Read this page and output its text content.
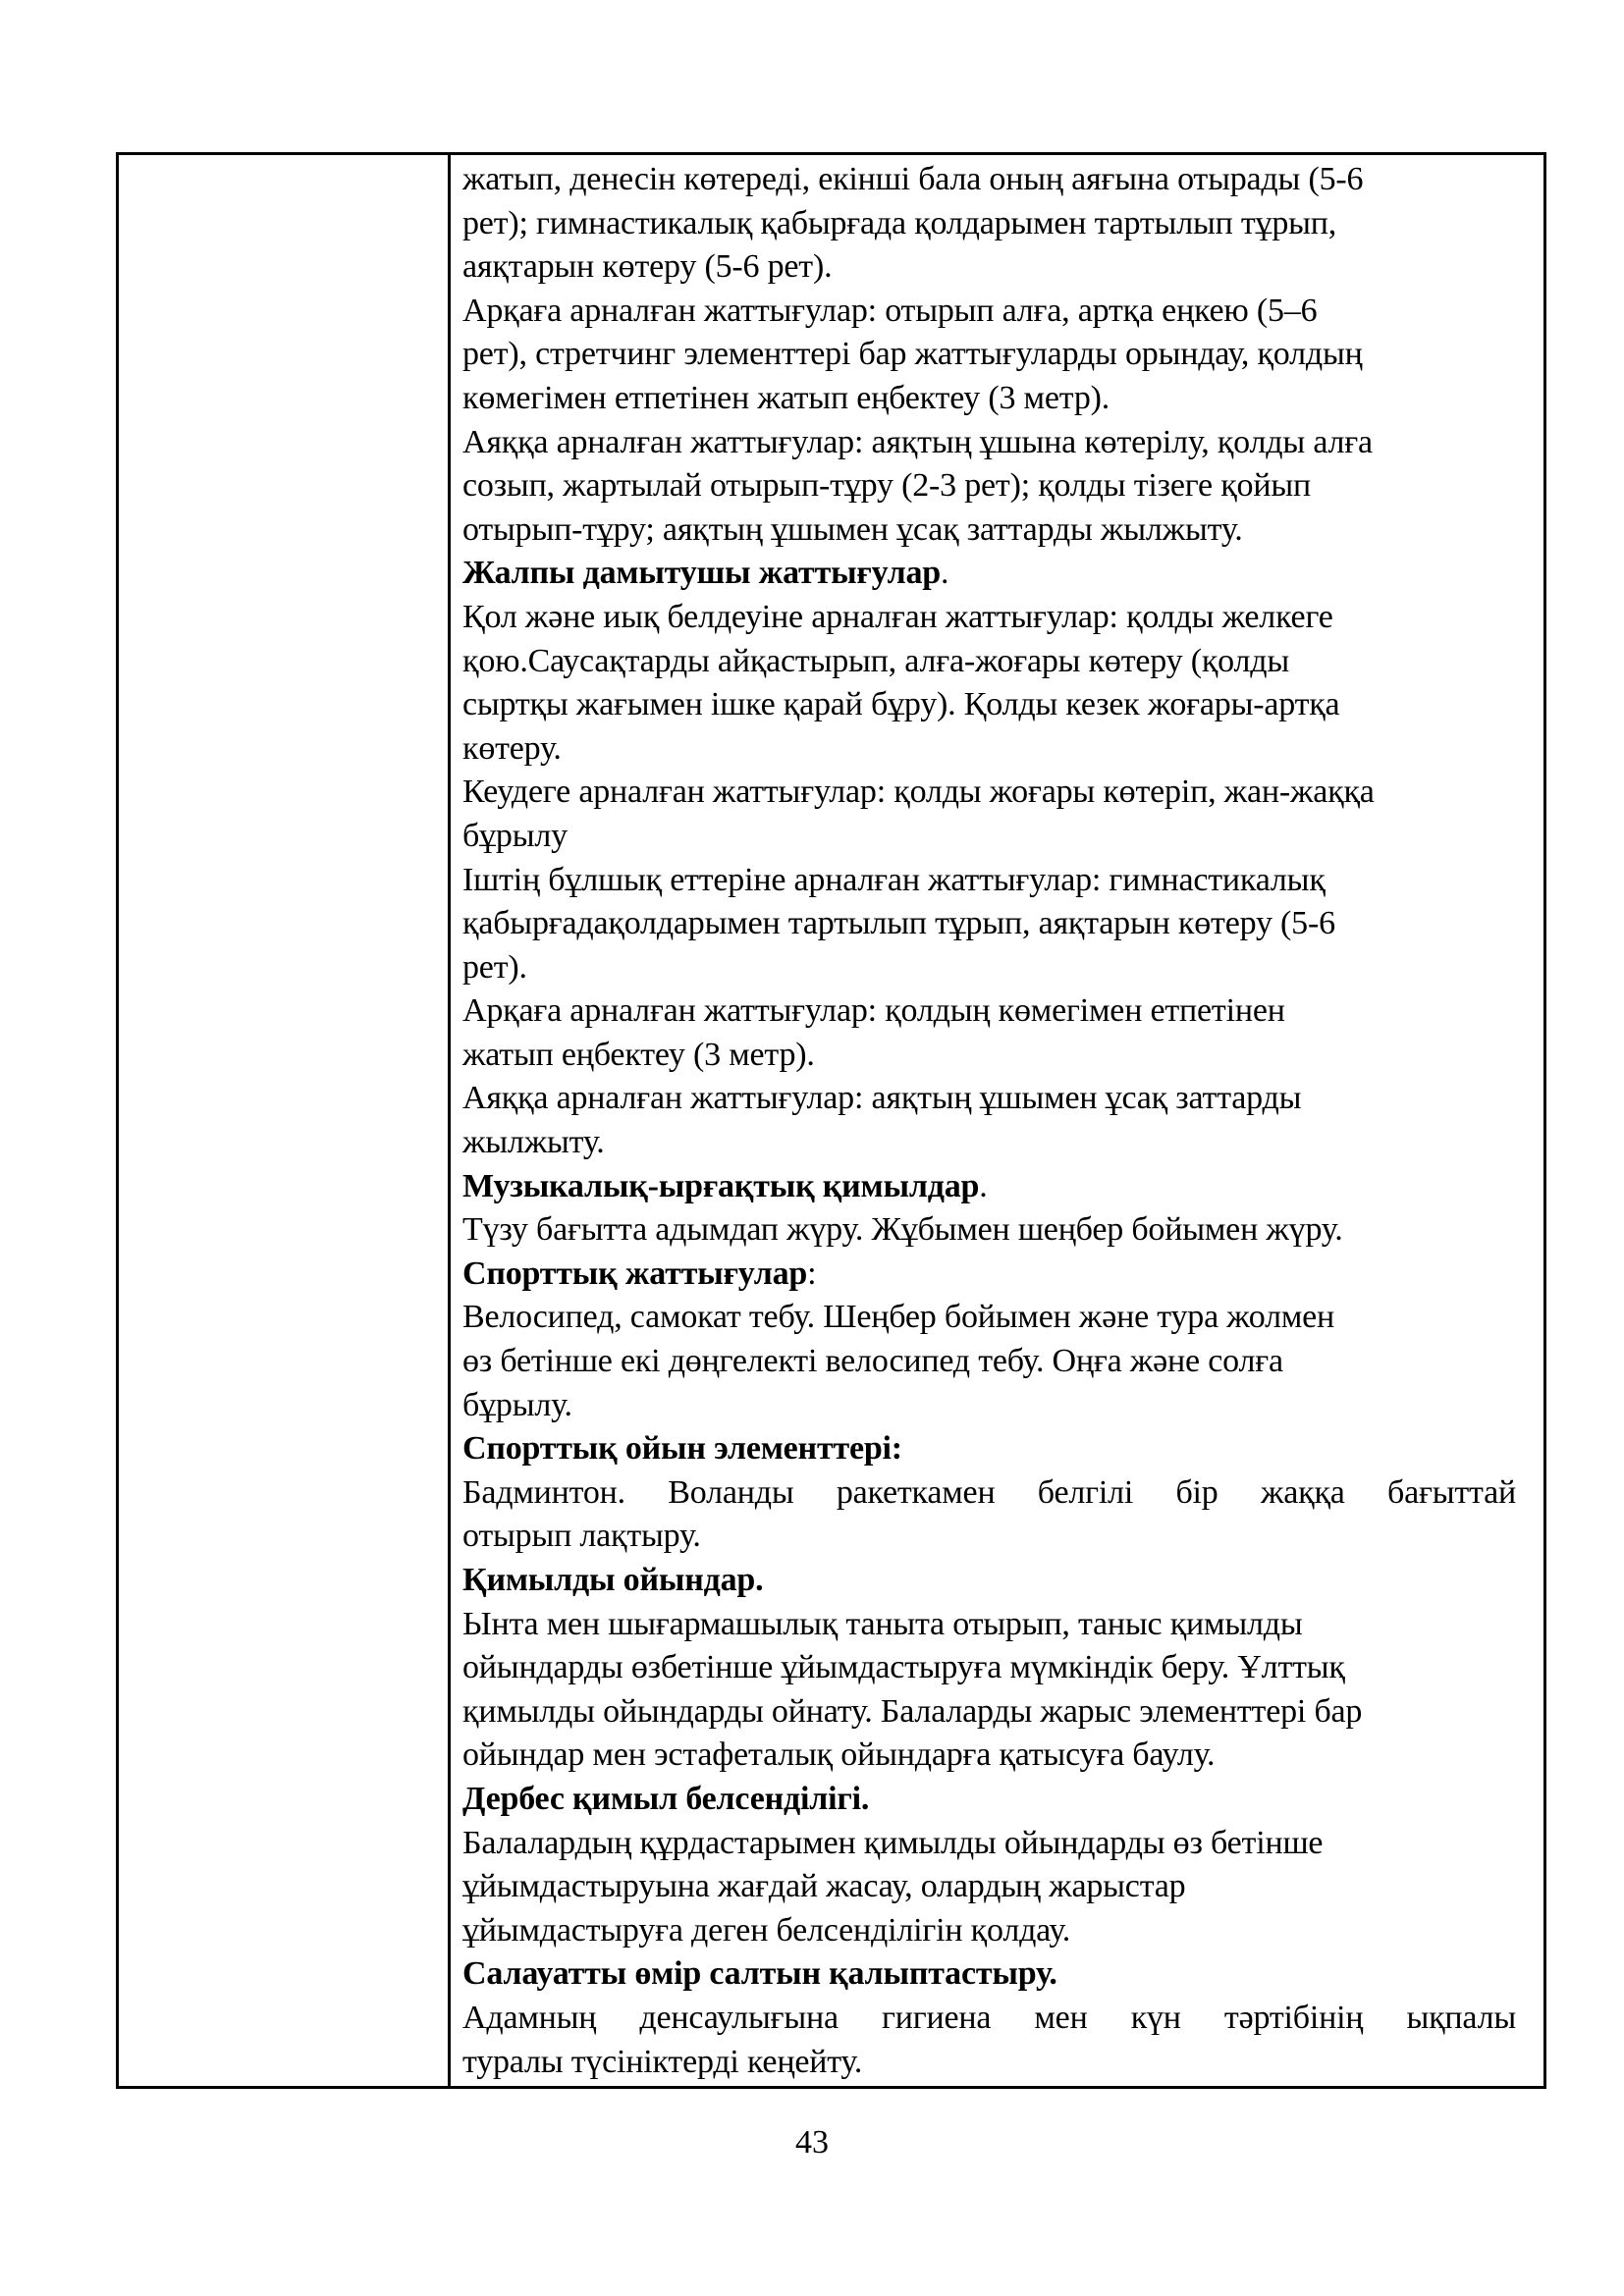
жатып, денесін көтереді, екінші бала оның аяғына отырады (5-6
рет); гимнастикалық қабырғада қолдарымен тартылып тұрып,
аяқтарын көтеру (5-6 рет).
Арқаға арналған жаттығулар: отырып алға, артқа еңкею (5–6
рет), стретчинг элементтері бар жаттығуларды орындау, қолдың
көмегімен етпетінен жатып еңбектеу (3 метр).
Аяққа арналған жаттығулар: аяқтың ұшына көтерілу, қолды алға
созып, жартылай отырып-тұру (2-3 рет); қолды тізеге қойып
отырып-тұру; аяқтың ұшымен ұсақ заттарды жылжыту.
Жалпы дамытушы жаттығулар.
Қол және иық белдеуіне арналған жаттығулар: қолды желкеге
қою.Саусақтарды айқастырып, алға-жоғары көтеру (қолды
сыртқы жағымен ішке қарай бұру). Қолды кезек жоғары-артқа
көтеру.
Кеудеге арналған жаттығулар: қолды жоғары көтеріп, жан-жаққа
бұрылу
Іштің бұлшық еттеріне арналған жаттығулар: гимнастикалық
қабырғадақолдарымен тартылып тұрып, аяқтарын көтеру (5-6
рет).
Арқаға арналған жаттығулар: қолдың көмегімен етпетінен
жатып еңбектеу (3 метр).
Аяққа арналған жаттығулар: аяқтың ұшымен ұсақ заттарды
жылжыту.
Музыкалық-ырғақтық қимылдар.
Түзу бағытта адымдап жүру. Жұбымен шеңбер бойымен жүру.
Спорттық жаттығулар:
Велосипед, самокат тебу. Шеңбер бойымен және тура жолмен
өз бетінше екі дөңгелекті велосипед тебу. Оңға және солға
бұрылу.
Спорттық ойын элементтері:
Бадминтон. Воланды ракеткамен белгілі бір жаққа бағыттай
отырып лақтыру.
Қимылды ойындар.
Ынта мен шығармашылық таныта отырып, таныс қимылды
ойындарды өзбетінше ұйымдастыруға мүмкіндік беру. Ұлттық
қимылды ойындарды ойнату. Балаларды жарыс элементтері бар
ойындар мен эстафеталық ойындарға қатысуға баулу.
Дербес қимыл белсенділігі.
Балалардың құрдастарымен қимылды ойындарды өз бетінше
ұйымдастыруына жағдай жасау, олардың жарыстар
ұйымдастыруға деген белсенділігін қолдау.
Салауатты өмір салтын қалыптастыру.
Адамның денсаулығына гигиена мен күн тәртібінің ықпалы
туралы түсініктерді кеңейту.
43
